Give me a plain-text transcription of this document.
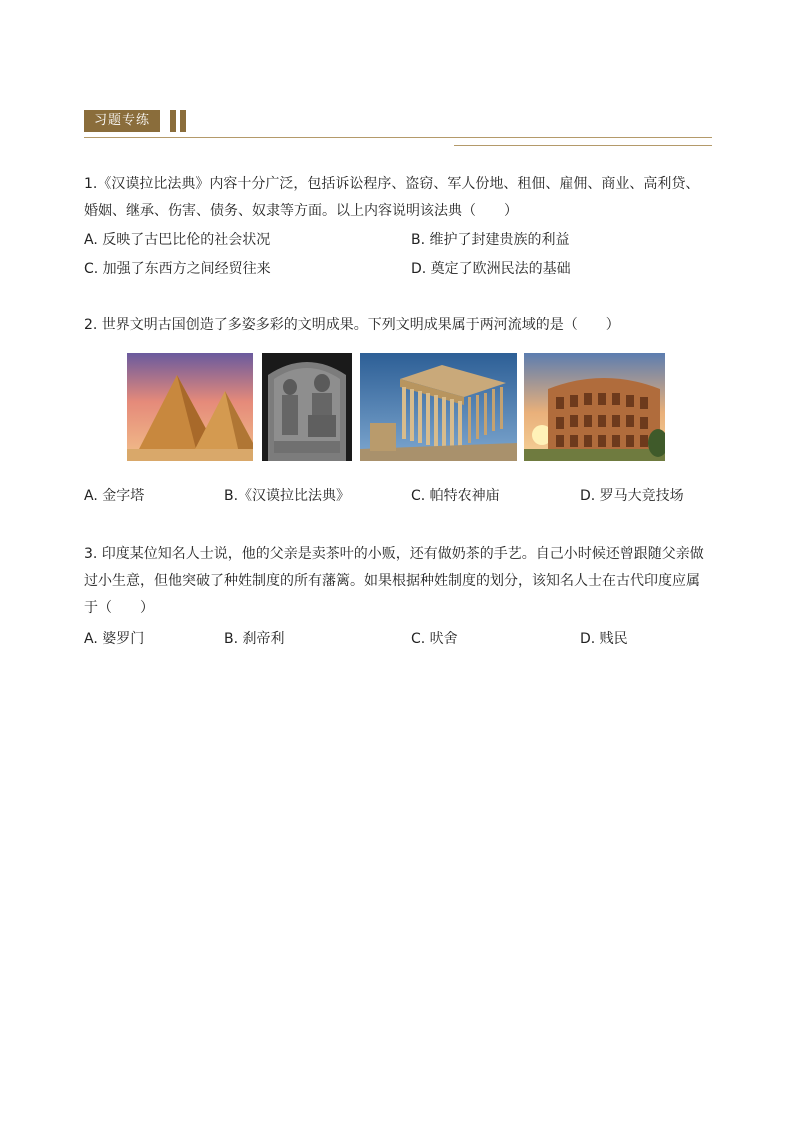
习题专练
1.《汉谟拉比法典》内容十分广泛，包括诉讼程序、盗窃、军人份地、租佃、雇佣、商业、高利贷、婚姻、继承、伤害、债务、奴隶等方面。以上内容说明该法典（　　）
A. 反映了古巴比伦的社会状况	B. 维护了封建贵族的利益
C. 加强了东西方之间经贸往来	D. 奠定了欧洲民法的基础
2. 世界文明古国创造了多姿多彩的文明成果。下列文明成果属于两河流域的是（　　）
A. 金字塔	B.《汉谟拉比法典》	C. 帕特农神庙	D. 罗马大竞技场
3. 印度某位知名人士说，他的父亲是卖茶叶的小贩，还有做奶茶的手艺。自己小时候还曾跟随父亲做过小生意，但他突破了种姓制度的所有藩篱。如果根据种姓制度的划分，该知名人士在古代印度应属于（　　）
A. 婆罗门	B. 刹帝利	C. 吠舍	D. 贱民
